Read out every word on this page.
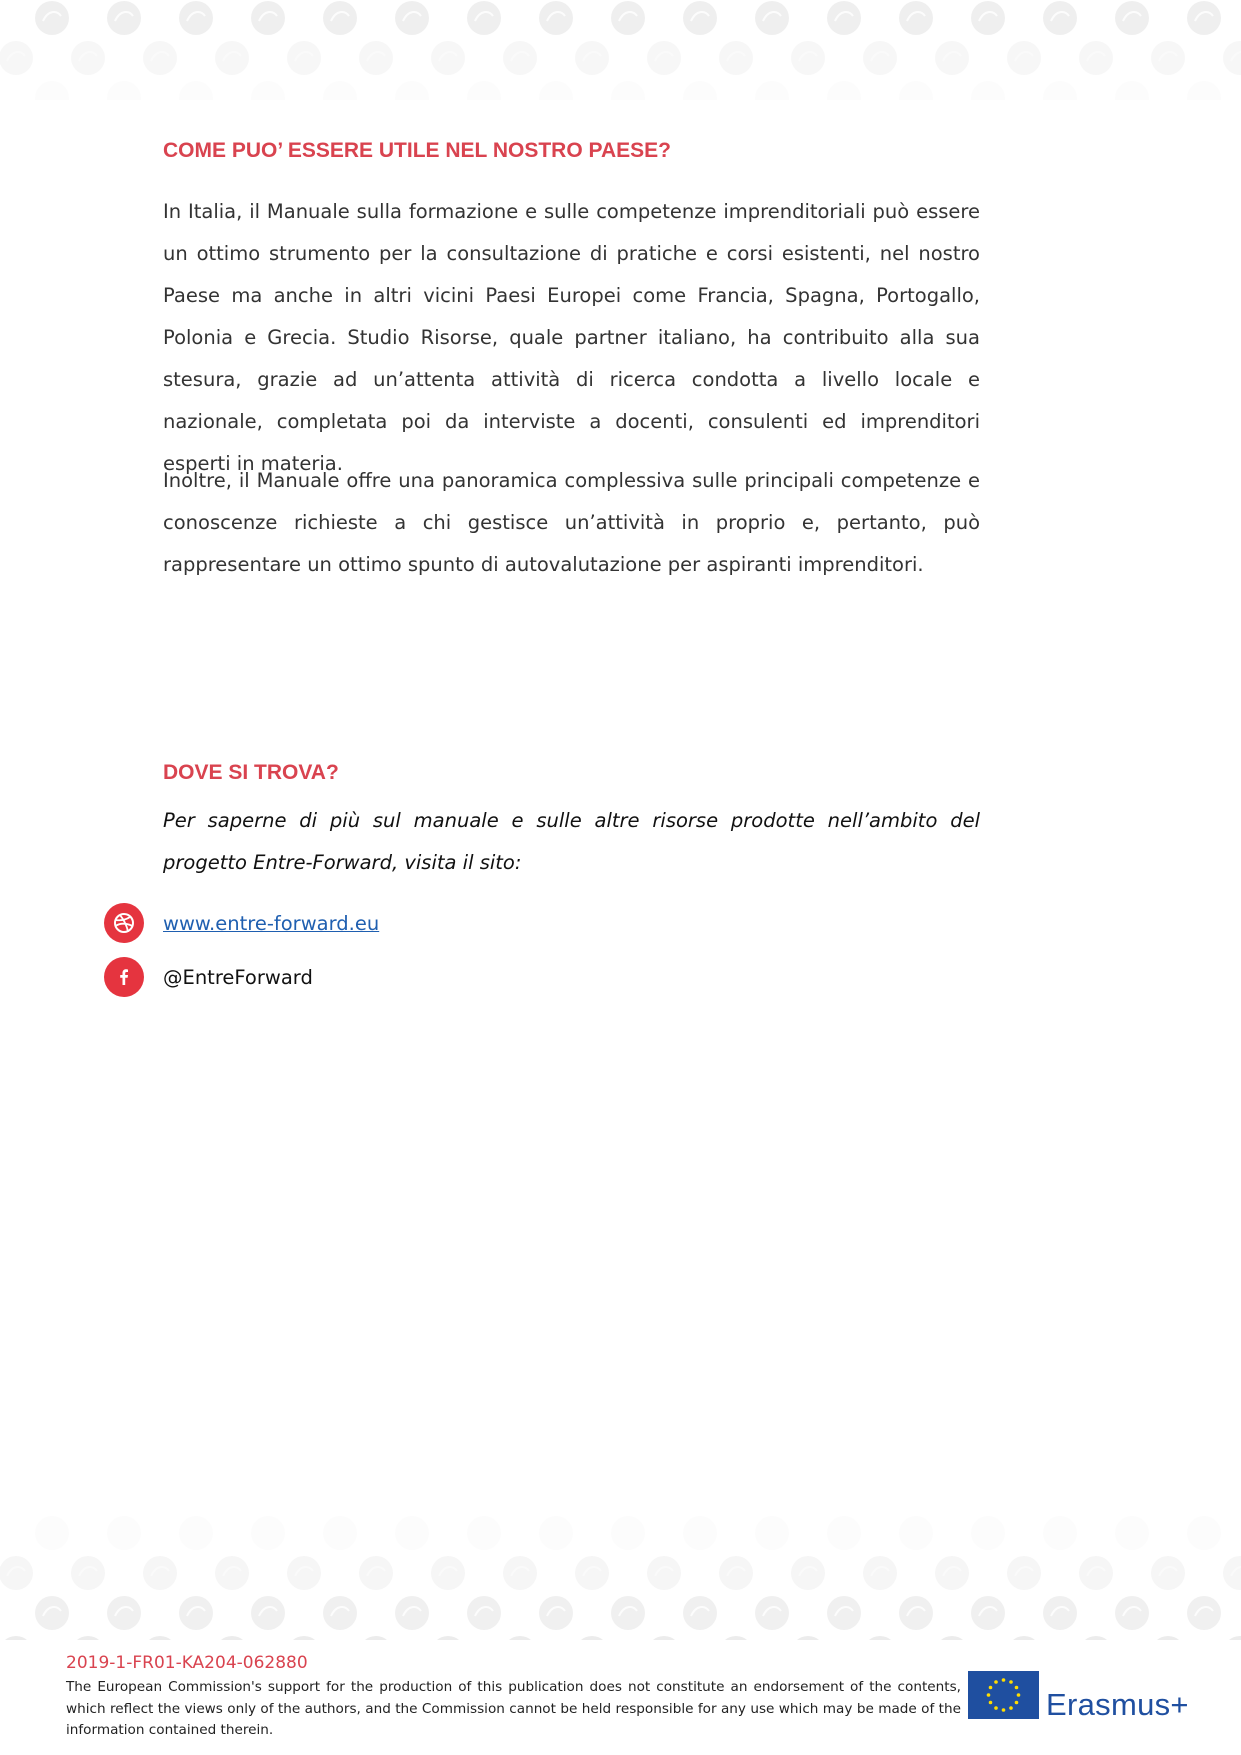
COME PUO’ ESSERE UTILE NEL NOSTRO PAESE?

In Italia, il Manuale sulla formazione e sulle competenze imprenditoriali può essere un ottimo strumento per la consultazione di pratiche e corsi esistenti, nel nostro Paese ma anche in altri vicini Paesi Europei come Francia, Spagna, Portogallo, Polonia e Grecia. Studio Risorse, quale partner italiano, ha contribuito alla sua stesura, grazie ad un’attenta attività di ricerca condotta a livello locale e nazionale, completata poi da interviste a docenti, consulenti ed imprenditori esperti in materia.

Inoltre, il Manuale offre una panoramica complessiva sulle principali competenze e conoscenze richieste a chi gestisce un’attività in proprio e, pertanto, può rappresentare un ottimo spunto di autovalutazione per aspiranti imprenditori.

DOVE SI TROVA?

Per saperne di più sul manuale e sulle altre risorse prodotte nell’ambito del progetto Entre-Forward, visita il sito:

www.entre-forward.eu
@EntreForward
2019-1-FR01-KA204-062880
The European Commission's support for the production of this publication does not constitute an endorsement of the contents, which reflect the views only of the authors, and the Commission cannot be held responsible for any use which may be made of the information contained therein.
Erasmus+
